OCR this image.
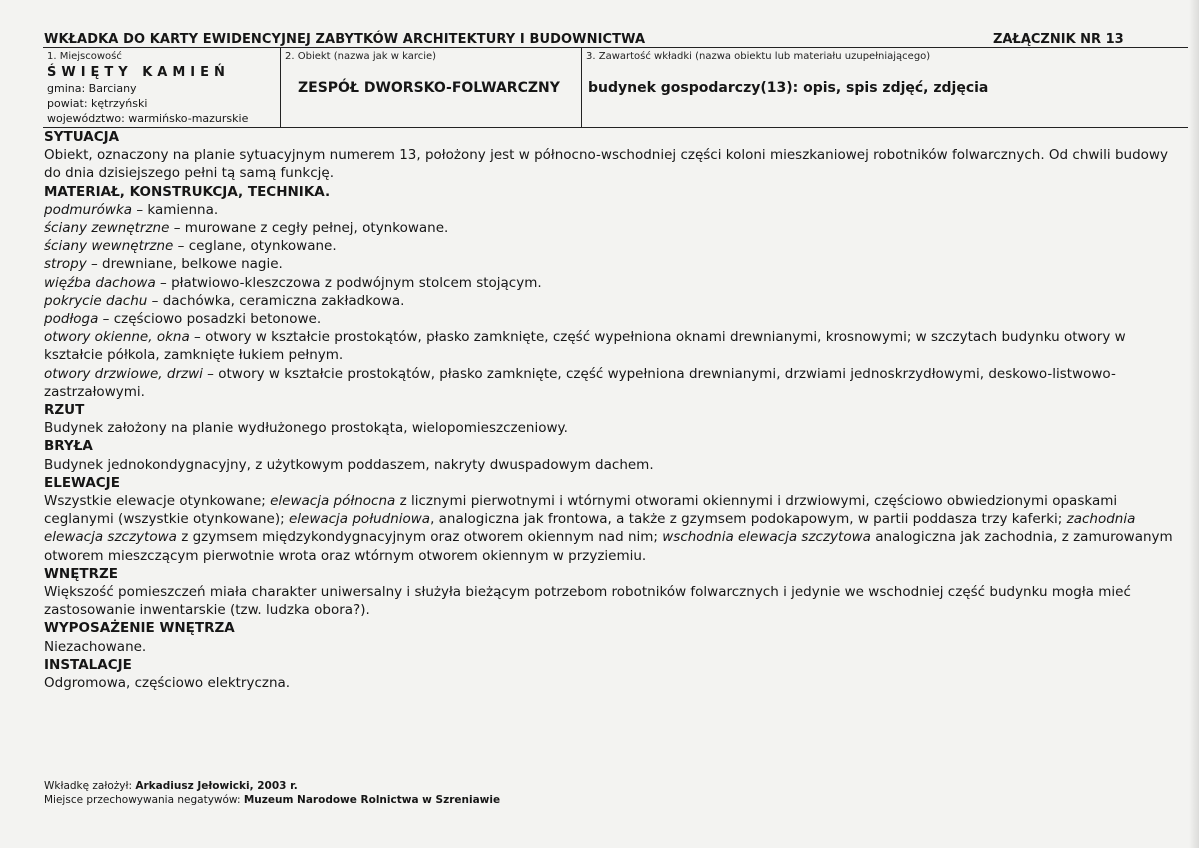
WKŁADKA DO KARTY EWIDENCYJNEJ ZABYTKÓW ARCHITEKTURY I BUDOWNICTWA	ZAŁĄCZNIK NR 13
1. Miejscowość
ŚWIĘTY KAMIEŃ
gmina: Barciany
powiat: kętrzyński
województwo: warmińsko-mazurskie
2. Obiekt (nazwa jak w karcie)
ZESPÓŁ DWORSKO-FOLWARCZNY
3. Zawartość wkładki (nazwa obiektu lub materiału uzupełniającego)
budynek gospodarczy(13): opis, spis zdjęć, zdjęcia

SYTUACJA

Obiekt, oznaczony na planie sytuacyjnym numerem 13, położony jest w północno-wschodniej części koloni mieszkaniowej robotników folwarcznych. Od chwili budowy do dnia dzisiejszego pełni tą samą funkcję.

MATERIAŁ, KONSTRUKCJA, TECHNIKA.

podmurówka – kamienna.

ściany zewnętrzne – murowane z cegły pełnej, otynkowane.

ściany wewnętrzne – ceglane, otynkowane.

stropy – drewniane, belkowe nagie.

więźba dachowa – płatwiowo-kleszczowa z podwójnym stolcem stojącym.

pokrycie dachu – dachówka, ceramiczna zakładkowa.

podłoga – częściowo posadzki betonowe.

otwory okienne, okna – otwory w kształcie prostokątów, płasko zamknięte, część wypełniona oknami drewnianymi, krosnowymi; w szczytach budynku otwory w kształcie półkola, zamknięte łukiem pełnym.

otwory drzwiowe, drzwi – otwory w kształcie prostokątów, płasko zamknięte, część wypełniona drewnianymi, drzwiami jednoskrzydłowymi, deskowo-listwowo-zastrzałowymi.

RZUT

Budynek założony na planie wydłużonego prostokąta, wielopomieszczeniowy.

BRYŁA

Budynek jednokondygnacyjny, z użytkowym poddaszem, nakryty dwuspadowym dachem.

ELEWACJE

Wszystkie elewacje otynkowane; elewacja północna z licznymi pierwotnymi i wtórnymi otworami okiennymi i drzwiowymi, częściowo obwiedzionymi opaskami ceglanymi (wszystkie otynkowane); elewacja południowa, analogiczna jak frontowa, a także z gzymsem podokapowym, w partii poddasza trzy kaferki; zachodnia elewacja szczytowa z gzymsem międzykondygnacyjnym oraz otworem okiennym nad nim; wschodnia elewacja szczytowa analogiczna jak zachodnia, z zamurowanym otworem mieszczącym pierwotnie wrota oraz wtórnym otworem okiennym w przyziemiu.

WNĘTRZE

Większość pomieszczeń miała charakter uniwersalny i służyła bieżącym potrzebom robotników folwarcznych i jedynie we wschodniej część budynku mogła mieć zastosowanie inwentarskie (tzw. ludzka obora?).

WYPOSAŻENIE WNĘTRZA

Niezachowane.

INSTALACJE

Odgromowa, częściowo elektryczna.

Wkładkę założył: Arkadiusz Jełowicki, 2003 r.
Miejsce przechowywania negatywów: Muzeum Narodowe Rolnictwa w Szreniawie
